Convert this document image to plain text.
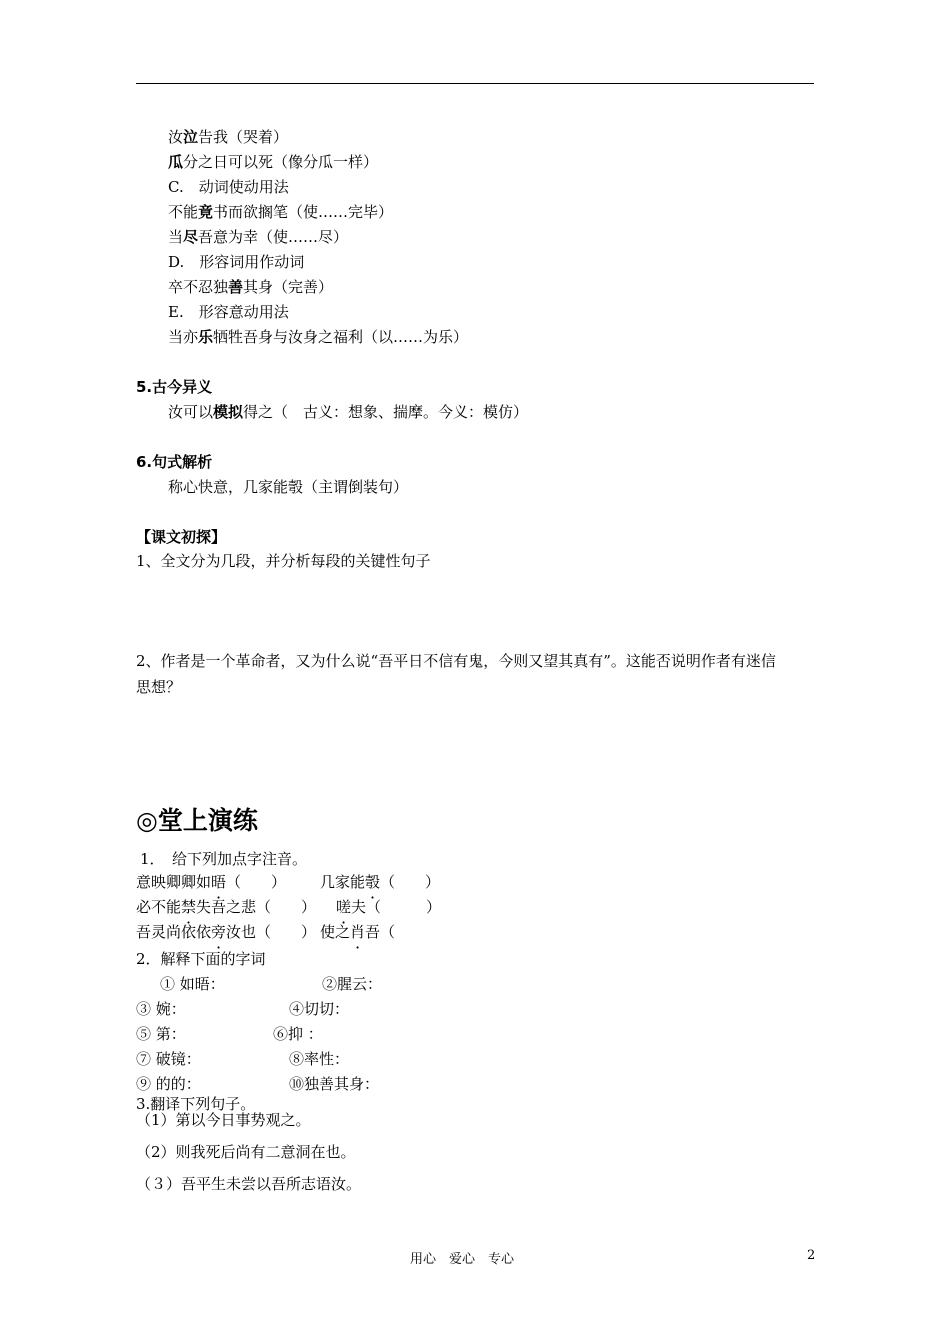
汝泣告我（哭着）
瓜分之日可以死（像分瓜一样）
C.　动词使动用法
不能竟书而欲搁笔（使……完毕）
当尽吾意为幸（使……尽）
D.　形容词用作动词
卒不忍独善其身（完善）
E.　形容意动用法
当亦乐牺牲吾身与汝身之福利（以……为乐）
5.古今异义
汝可以模拟得之（　古义：想象、揣摩。今义：模仿）
6.句式解析
称心快意，几家能彀（主谓倒装句）
【课文初探】
1、全文分为几段，并分析每段的关键性句子
2、作者是一个革命者，又为什么说“吾平日不信有鬼，今则又望其真有”。这能否说明作者有迷信
思想？
◎堂上演练
1．　给下列加点字注音。
意映卿卿如晤（　　） 几家能彀（　　）
必不能禁失吾之悲（　　） 嗟夫（　　　）
吾灵尚依依旁汝也（　　） 使之肖吾（
2．解释下面的字词
① 如晤：	②腥云：
③ 婉：	④切切：
⑤ 第：	⑥抑 ：
⑦ 破镜：	⑧率性：
⑨ 的的：	⑩独善其身：
3.翻译下列句子。
（1）第以今日事势观之。
（2）则我死后尚有二意洞在也。
（３）吾平生未尝以吾所志语汝。
用心　爱心　专心	2
